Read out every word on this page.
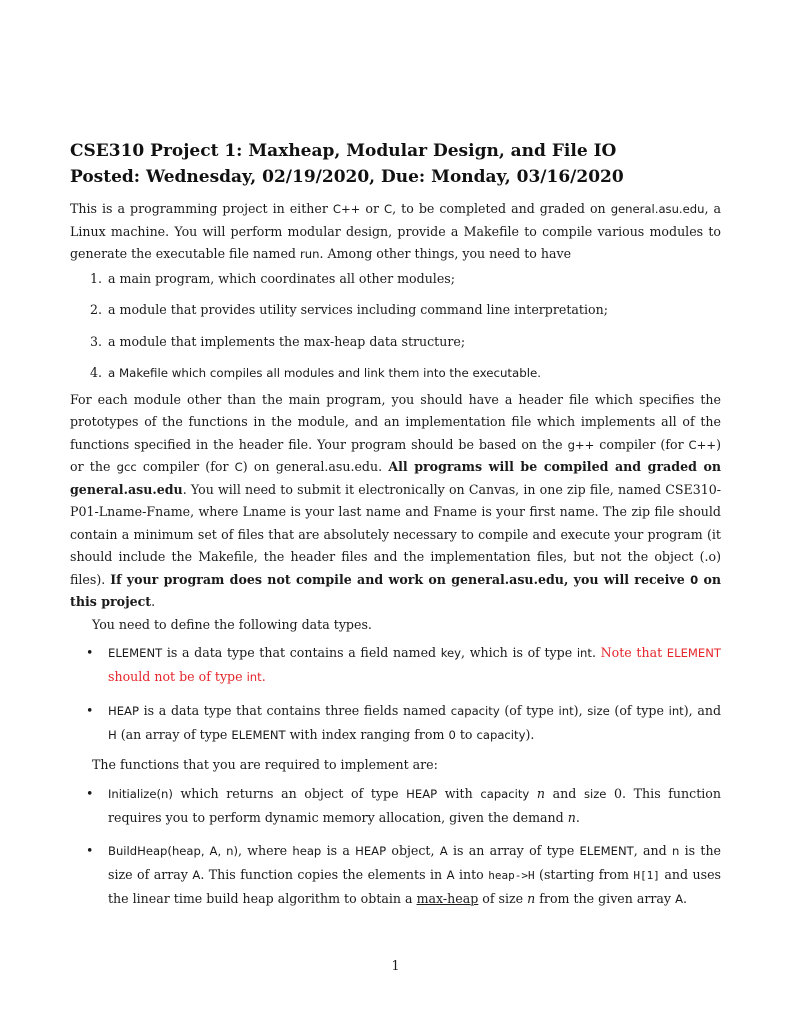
CSE310 Project 1: Maxheap, Modular Design, and File IO
Posted: Wednesday, 02/19/2020, Due: Monday, 03/16/2020

This is a programming project in either C++ or C, to be completed and graded on general.asu.edu, a Linux machine. You will perform modular design, provide a Makefile to compile various modules to generate the executable file named run. Among other things, you need to have

1. a main program, which coordinates all other modules;
2. a module that provides utility services including command line interpretation;
3. a module that implements the max-heap data structure;
4. a Makefile which compiles all modules and link them into the executable.

For each module other than the main program, you should have a header file which specifies the prototypes of the functions in the module, and an implementation file which implements all of the functions specified in the header file. Your program should be based on the g++ compiler (for C++) or the gcc compiler (for C) on general.asu.edu. All programs will be compiled and graded on general.asu.edu. You will need to submit it electronically on Canvas, in one zip file, named CSE310-P01-Lname-Fname, where Lname is your last name and Fname is your first name. The zip file should contain a minimum set of files that are absolutely necessary to compile and execute your program (it should include the Makefile, the header files and the implementation files, but not the object (.o) files). If your program does not compile and work on general.asu.edu, you will receive 0 on this project.

You need to define the following data types.

• ELEMENT is a data type that contains a field named key, which is of type int. Note that ELEMENT should not be of type int.
• HEAP is a data type that contains three fields named capacity (of type int), size (of type int), and H (an array of type ELEMENT with index ranging from 0 to capacity).

The functions that you are required to implement are:

• Initialize(n) which returns an object of type HEAP with capacity n and size 0. This function requires you to perform dynamic memory allocation, given the demand n.
• BuildHeap(heap, A, n), where heap is a HEAP object, A is an array of type ELEMENT, and n is the size of array A. This function copies the elements in A into heap->H (starting from H[1] and uses the linear time build heap algorithm to obtain a max-heap of size n from the given array A.
1
